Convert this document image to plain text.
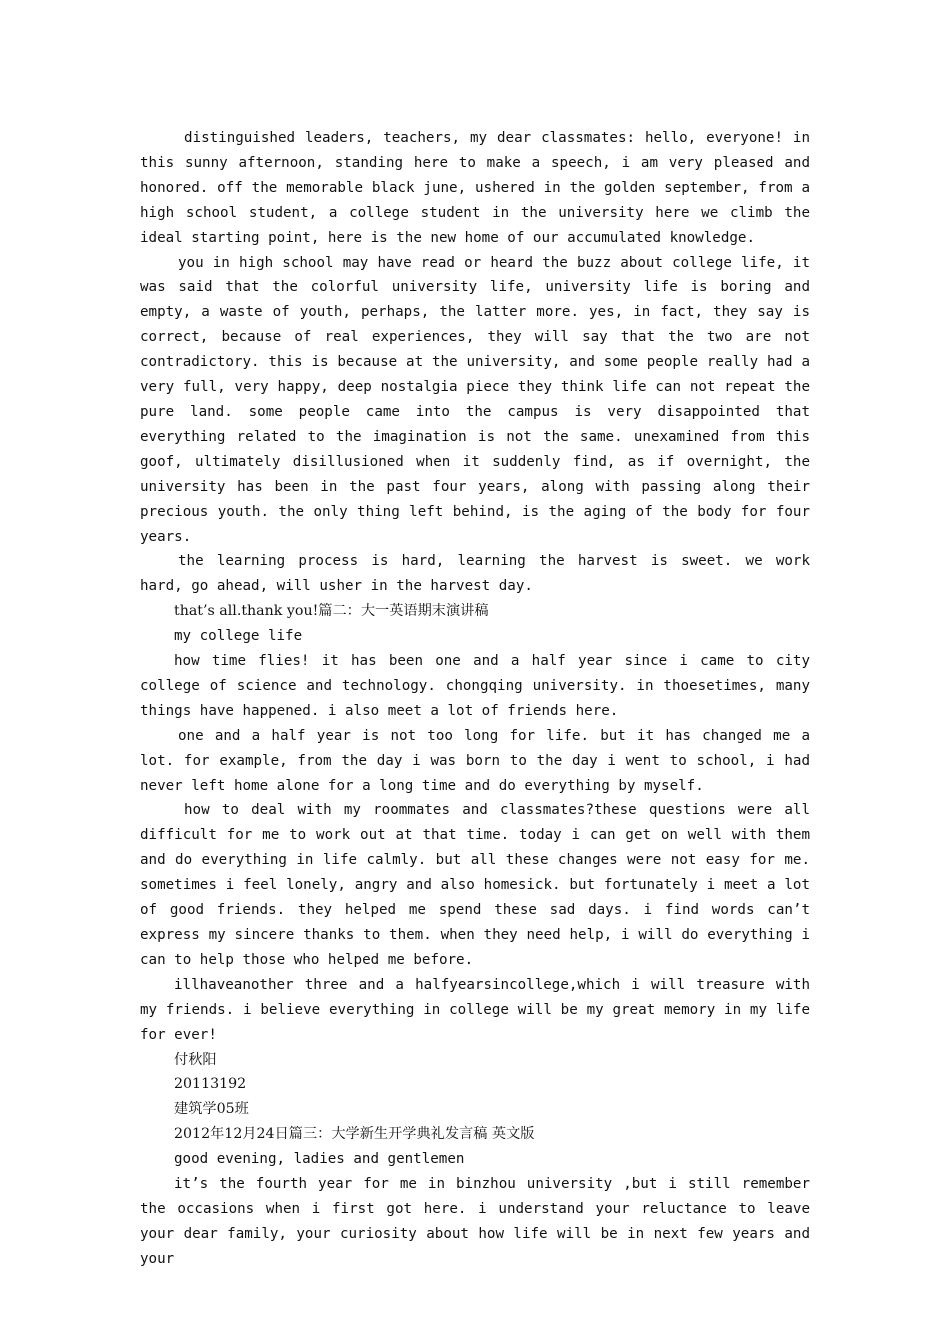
distinguished leaders, teachers, my dear classmates: hello, everyone! in this sunny afternoon, standing here to make a speech, i am very pleased and honored. off the memorable black june, ushered in the golden september, from a high school student, a college student in the university here we climb the ideal starting point, here is the new home of our accumulated knowledge.

you in high school may have read or heard the buzz about college life, it was said that the colorful university life, university life is boring and empty, a waste of youth, perhaps, the latter more. yes, in fact, they say is correct, because of real experiences, they will say that the two are not contradictory. this is because at the university, and some people really had a very full, very happy, deep nostalgia piece they think life can not repeat the pure land. some people came into the campus is very disappointed that everything related to the imagination is not the same. unexamined from this goof, ultimately disillusioned when it suddenly find, as if overnight, the university has been in the past four years, along with passing along their precious youth. the only thing left behind, is the aging of the body for four years.

the learning process is hard, learning the harvest is sweet. we work hard, go ahead, will usher in the harvest day.

that’s all.thank you!篇二：大一英语期末演讲稿

my college life

how time flies! it has been one and a half year since i came to city college of science and technology. chongqing university. in thoesetimes, many things have happened. i also meet a lot of friends here.

one and a half year is not too long for life. but it has changed me a lot. for example, from the day i was born to the day i went to school, i had never left home alone for a long time and do everything by myself.

how to deal with my roommates and classmates?these questions were all difficult for me to work out at that time. today i can get on well with them and do everything in life calmly. but all these changes were not easy for me. sometimes i feel lonely, angry and also homesick. but fortunately i meet a lot of good friends. they helped me spend these sad days. i find words can’t express my sincere thanks to them. when they need help, i will do everything i can to help those who helped me before.

illhaveanother three and a halfyearsincollege,which i will treasure with my friends. i believe everything in college will be my great memory in my life for ever!

付秋阳

20113192

建筑学05班

2012年12月24日篇三：大学新生开学典礼发言稿 英文版

good evening, ladies and gentlemen

it’s the fourth year for me in binzhou university ,but i still remember the occasions when i first got here. i understand your reluctance to leave your dear family, your curiosity about how life will be in next few years and your
